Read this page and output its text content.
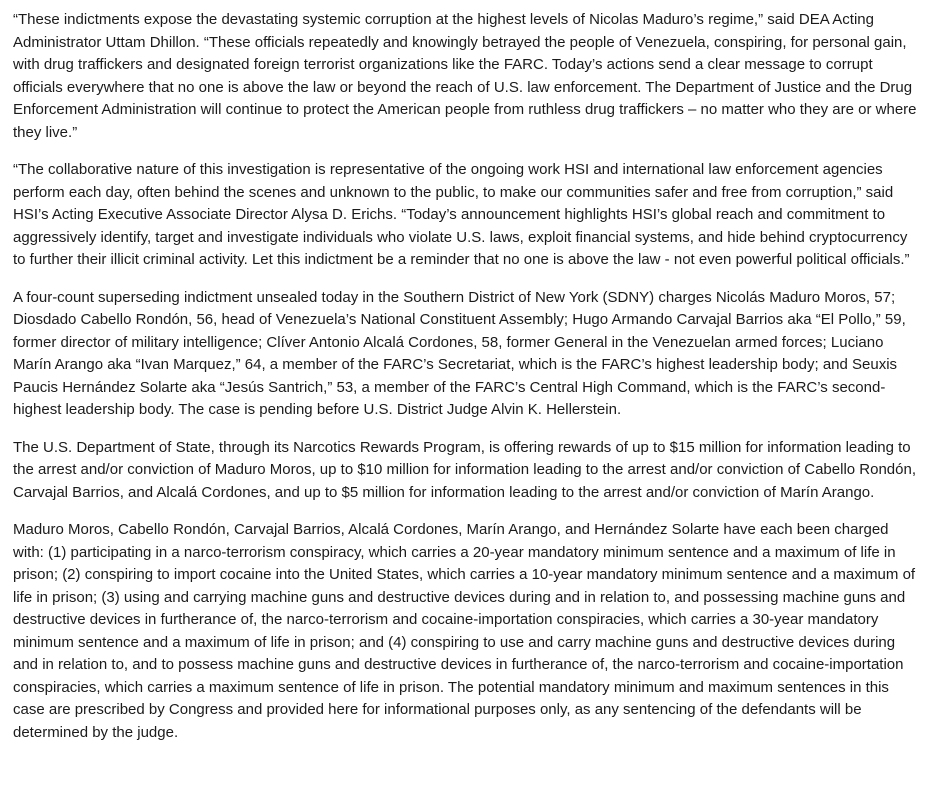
“These indictments expose the devastating systemic corruption at the highest levels of Nicolas Maduro’s regime,” said DEA Acting Administrator Uttam Dhillon. “These officials repeatedly and knowingly betrayed the people of Venezuela, conspiring, for personal gain, with drug traffickers and designated foreign terrorist organizations like the FARC. Today’s actions send a clear message to corrupt officials everywhere that no one is above the law or beyond the reach of U.S. law enforcement. The Department of Justice and the Drug Enforcement Administration will continue to protect the American people from ruthless drug traffickers – no matter who they are or where they live.”

“The collaborative nature of this investigation is representative of the ongoing work HSI and international law enforcement agencies perform each day, often behind the scenes and unknown to the public, to make our communities safer and free from corruption,” said HSI’s Acting Executive Associate Director Alysa D. Erichs. “Today’s announcement highlights HSI’s global reach and commitment to aggressively identify, target and investigate individuals who violate U.S. laws, exploit financial systems, and hide behind cryptocurrency to further their illicit criminal activity. Let this indictment be a reminder that no one is above the law - not even powerful political officials.”

A four-count superseding indictment unsealed today in the Southern District of New York (SDNY) charges Nicolás Maduro Moros, 57; Diosdado Cabello Rondón, 56, head of Venezuela’s National Constituent Assembly; Hugo Armando Carvajal Barrios aka “El Pollo,” 59, former director of military intelligence; Clíver Antonio Alcalá Cordones, 58, former General in the Venezuelan armed forces; Luciano Marín Arango aka “Ivan Marquez,” 64, a member of the FARC’s Secretariat, which is the FARC’s highest leadership body; and Seuxis Paucis Hernández Solarte aka “Jesús Santrich,” 53, a member of the FARC’s Central High Command, which is the FARC’s second-highest leadership body. The case is pending before U.S. District Judge Alvin K. Hellerstein.

The U.S. Department of State, through its Narcotics Rewards Program, is offering rewards of up to $15 million for information leading to the arrest and/or conviction of Maduro Moros, up to $10 million for information leading to the arrest and/or conviction of Cabello Rondón, Carvajal Barrios, and Alcalá Cordones, and up to $5 million for information leading to the arrest and/or conviction of Marín Arango.

Maduro Moros, Cabello Rondón, Carvajal Barrios, Alcalá Cordones, Marín Arango, and Hernández Solarte have each been charged with: (1) participating in a narco-terrorism conspiracy, which carries a 20-year mandatory minimum sentence and a maximum of life in prison; (2) conspiring to import cocaine into the United States, which carries a 10-year mandatory minimum sentence and a maximum of life in prison; (3) using and carrying machine guns and destructive devices during and in relation to, and possessing machine guns and destructive devices in furtherance of, the narco-terrorism and cocaine-importation conspiracies, which carries a 30-year mandatory minimum sentence and a maximum of life in prison; and (4) conspiring to use and carry machine guns and destructive devices during and in relation to, and to possess machine guns and destructive devices in furtherance of, the narco-terrorism and cocaine-importation conspiracies, which carries a maximum sentence of life in prison. The potential mandatory minimum and maximum sentences in this case are prescribed by Congress and provided here for informational purposes only, as any sentencing of the defendants will be determined by the judge.
